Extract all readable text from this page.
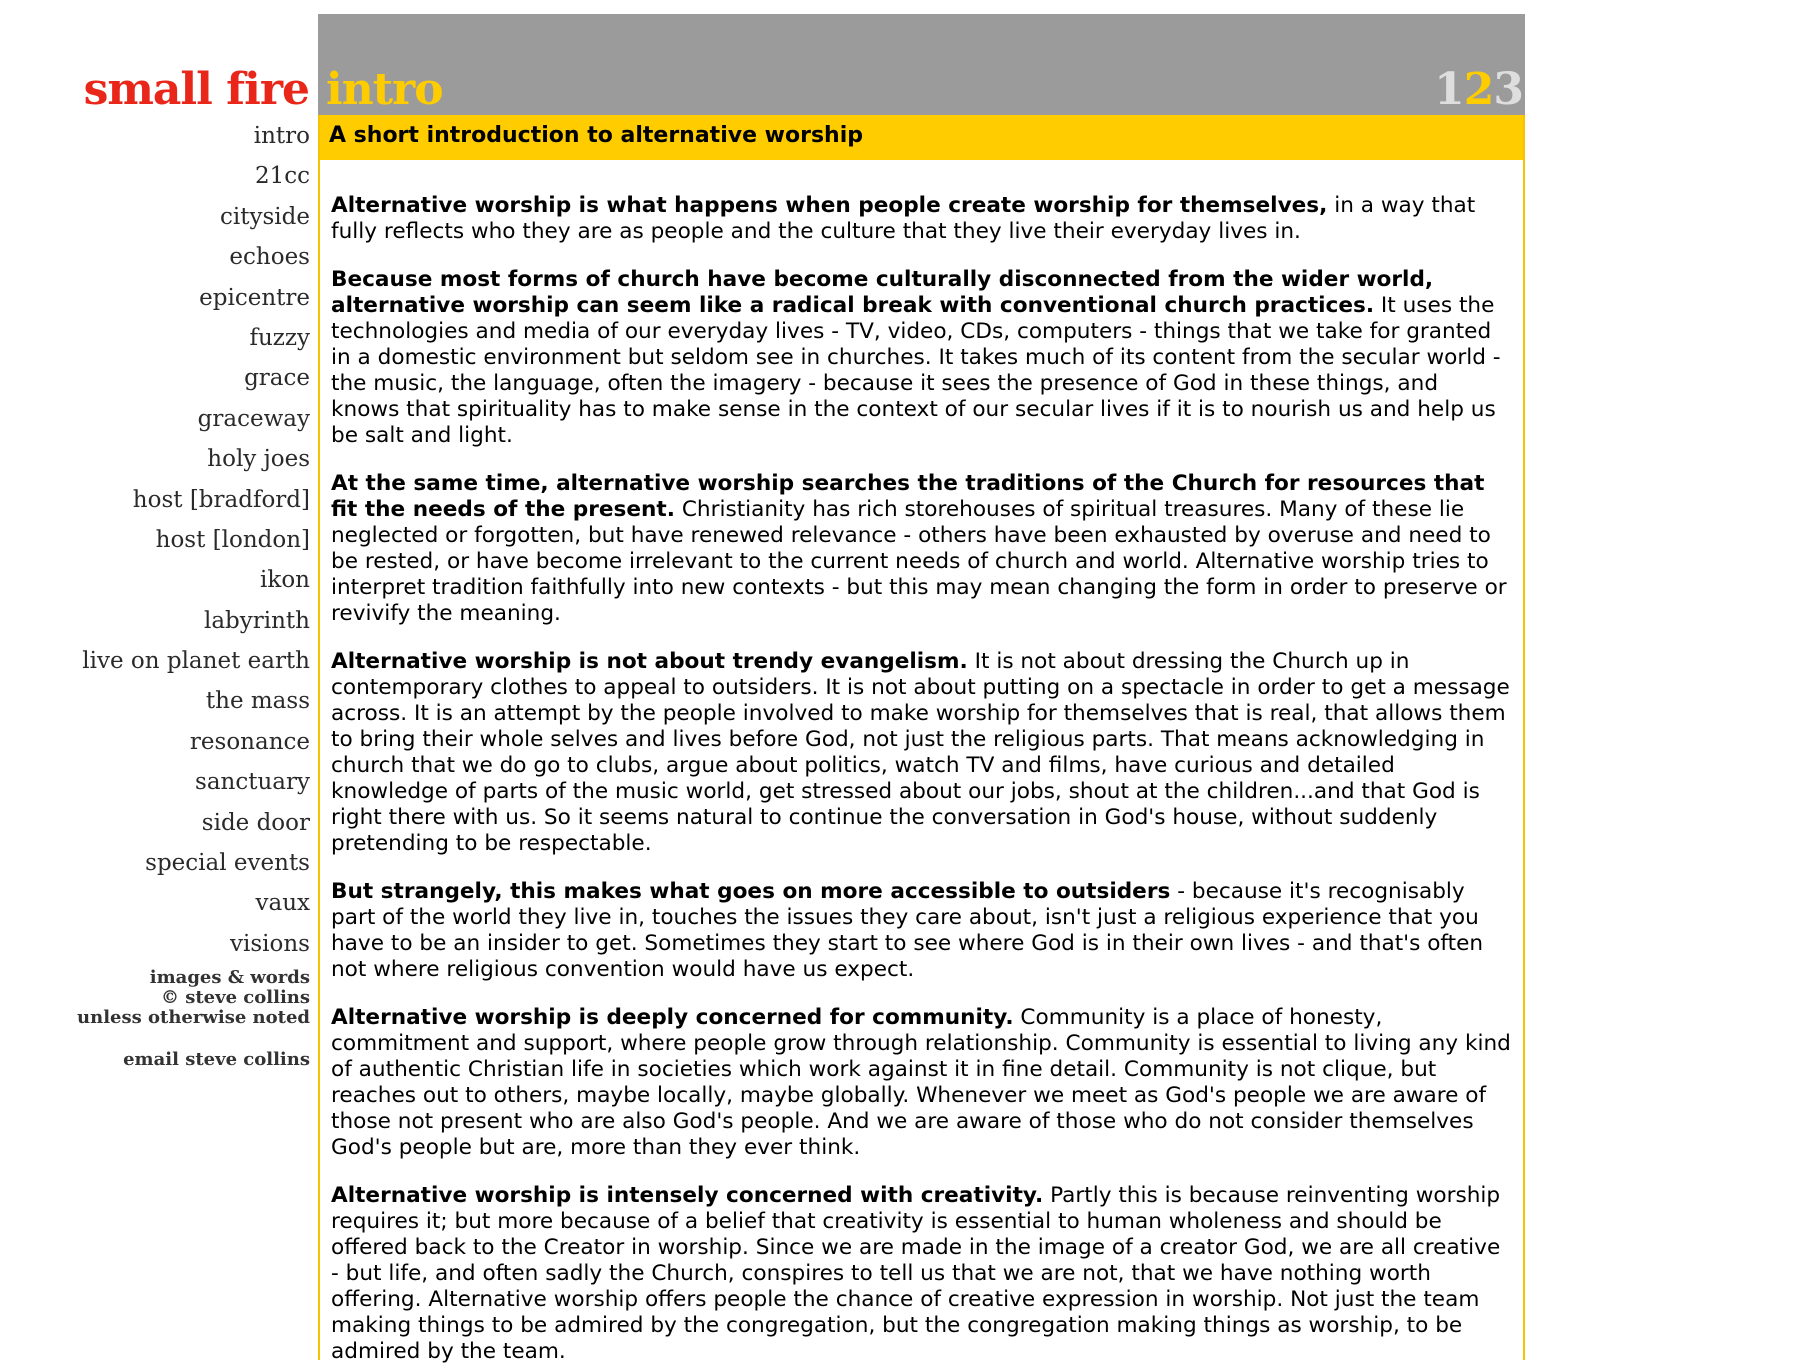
small fire
intro
21cc
cityside
echoes
epicentre
fuzzy
grace
graceway
holy joes
host [bradford]
host [london]
ikon
labyrinth
live on planet earth
the mass
resonance
sanctuary
side door
special events
vaux
visions
images & words
© steve collins
unless otherwise noted
email steve collins
intro	123
A short introduction to alternative worship

Alternative worship is what happens when people create worship for themselves, in a way that fully reflects who they are as people and the culture that they live their everyday lives in.

Because most forms of church have become culturally disconnected from the wider world, alternative worship can seem like a radical break with conventional church practices. It uses the technologies and media of our everyday lives - TV, video, CDs, computers - things that we take for granted in a domestic environment but seldom see in churches. It takes much of its content from the secular world - the music, the language, often the imagery - because it sees the presence of God in these things, and knows that spirituality has to make sense in the context of our secular lives if it is to nourish us and help us be salt and light.

At the same time, alternative worship searches the traditions of the Church for resources that fit the needs of the present. Christianity has rich storehouses of spiritual treasures. Many of these lie neglected or forgotten, but have renewed relevance - others have been exhausted by overuse and need to be rested, or have become irrelevant to the current needs of church and world. Alternative worship tries to interpret tradition faithfully into new contexts - but this may mean changing the form in order to preserve or revivify the meaning.

Alternative worship is not about trendy evangelism. It is not about dressing the Church up in contemporary clothes to appeal to outsiders. It is not about putting on a spectacle in order to get a message across. It is an attempt by the people involved to make worship for themselves that is real, that allows them to bring their whole selves and lives before God, not just the religious parts. That means acknowledging in church that we do go to clubs, argue about politics, watch TV and films, have curious and detailed knowledge of parts of the music world, get stressed about our jobs, shout at the children...and that God is right there with us. So it seems natural to continue the conversation in God's house, without suddenly pretending to be respectable.

But strangely, this makes what goes on more accessible to outsiders - because it's recognisably part of the world they live in, touches the issues they care about, isn't just a religious experience that you have to be an insider to get. Sometimes they start to see where God is in their own lives - and that's often not where religious convention would have us expect.

Alternative worship is deeply concerned for community. Community is a place of honesty, commitment and support, where people grow through relationship. Community is essential to living any kind of authentic Christian life in societies which work against it in fine detail. Community is not clique, but reaches out to others, maybe locally, maybe globally. Whenever we meet as God's people we are aware of those not present who are also God's people. And we are aware of those who do not consider themselves God's people but are, more than they ever think.

Alternative worship is intensely concerned with creativity. Partly this is because reinventing worship requires it; but more because of a belief that creativity is essential to human wholeness and should be offered back to the Creator in worship. Since we are made in the image of a creator God, we are all creative - but life, and often sadly the Church, conspires to tell us that we are not, that we have nothing worth offering. Alternative worship offers people the chance of creative expression in worship. Not just the team making things to be admired by the congregation, but the congregation making things as worship, to be admired by the team.
